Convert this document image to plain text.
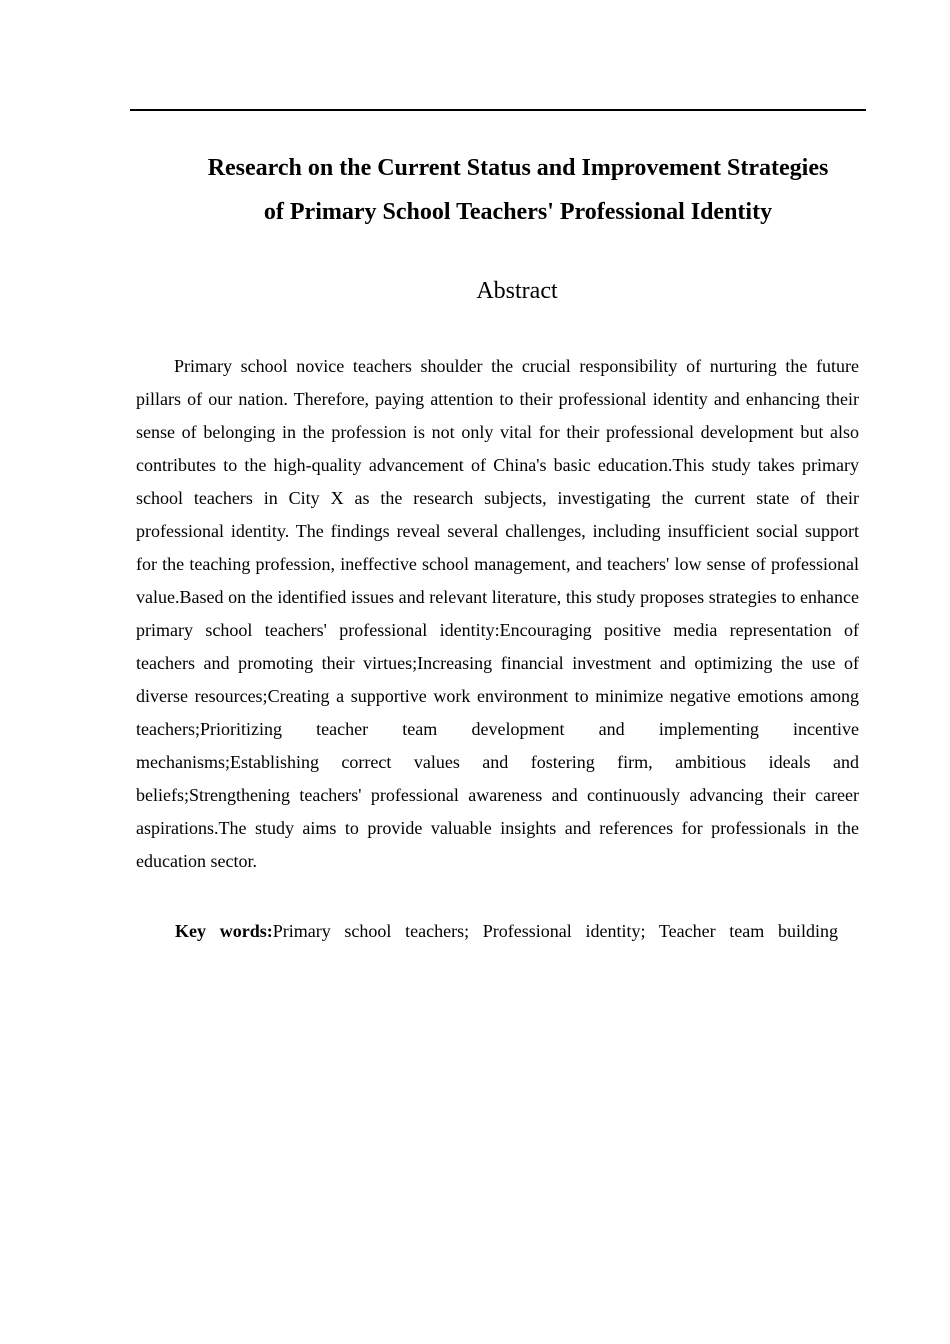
Research on the Current Status and Improvement Strategies
of Primary School Teachers' Professional Identity
Abstract

Primary school novice teachers shoulder the crucial responsibility of nurturing the future pillars of our nation. Therefore, paying attention to their professional identity and enhancing their sense of belonging in the profession is not only vital for their professional development but also contributes to the high-quality advancement of China's basic education.This study takes primary school teachers in City X as the research subjects, investigating the current state of their professional identity. The findings reveal several challenges, including insufficient social support for the teaching profession, ineffective school management, and teachers' low sense of professional value.Based on the identified issues and relevant literature, this study proposes strategies to enhance primary school teachers' professional identity:Encouraging positive media representation of teachers and promoting their virtues;Increasing financial investment and optimizing the use of diverse resources;Creating a supportive work environment to minimize negative emotions among teachers;Prioritizing teacher team development and implementing incentive mechanisms;Establishing correct values and fostering firm, ambitious ideals and beliefs;Strengthening teachers' professional awareness and continuously advancing their career aspirations.The study aims to provide valuable insights and references for professionals in the education sector.

Key words:Primary school teachers; Professional identity; Teacher team building
